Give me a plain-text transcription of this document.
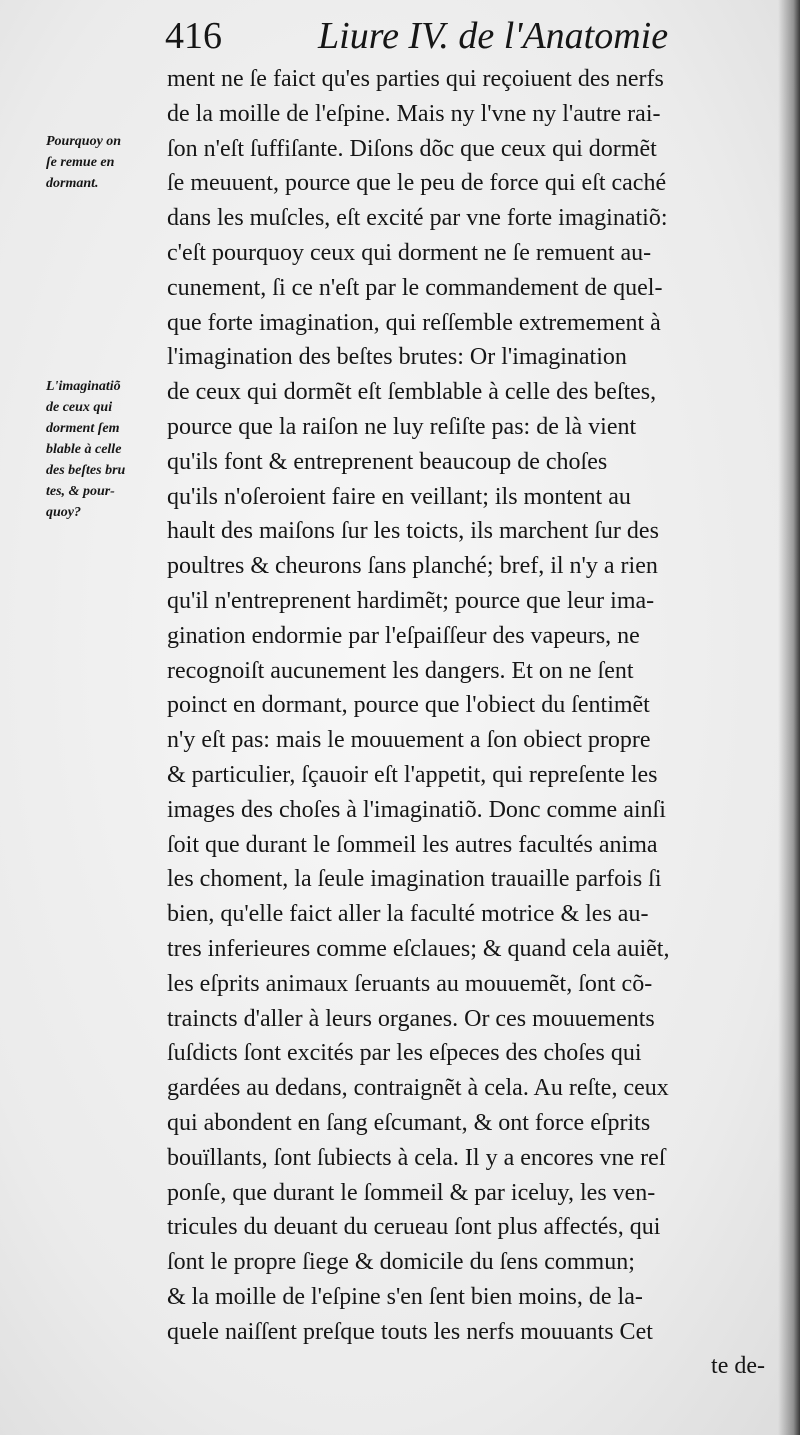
416	Liure IV. de l'Anatomie
Pourquoy on
ſe remue en
dormant.
L'imaginatiõ
de ceux qui
dorment ſem
blable à celle
des beſtes bru
tes, & pour-
quoy?
ment ne ſe faict qu'es parties qui reçoiuent des nerfs
de la moille de l'eſpine. Mais ny l'vne ny l'autre rai-
ſon n'eſt ſuffiſante. Diſons dõc que ceux qui dormẽt
ſe meuuent, pource que le peu de force qui eſt caché
dans les muſcles, eſt excité par vne forte imaginatiõ:
c'eſt pourquoy ceux qui dorment ne ſe remuent au-
cunement, ſi ce n'eſt par le commandement de quel-
que forte imagination, qui reſſemble extremement à
l'imagination des beſtes brutes: Or l'imagination
de ceux qui dormẽt eſt ſemblable à celle des beſtes,
pource que la raiſon ne luy reſiſte pas: de là vient
qu'ils font & entreprenent beaucoup de choſes
qu'ils n'oſeroient faire en veillant; ils montent au
hault des maiſons ſur les toicts, ils marchent ſur des
poultres & cheurons ſans planché; bref, il n'y a rien
qu'il n'entreprenent hardimẽt; pource que leur ima-
gination endormie par l'eſpaiſſeur des vapeurs, ne
recognoiſt aucunement les dangers. Et on ne ſent
poinct en dormant, pource que l'obiect du ſentimẽt
n'y eſt pas: mais le mouuement a ſon obiect propre
& particulier, ſçauoir eſt l'appetit, qui repreſente les
images des choſes à l'imaginatiõ. Donc comme ainſi
ſoit que durant le ſommeil les autres facultés anima
les choment, la ſeule imagination trauaille parfois ſi
bien, qu'elle faict aller la faculté motrice & les au-
tres inferieures comme eſclaues; & quand cela auiẽt,
les eſprits animaux ſeruants au mouuemẽt, ſont cõ-
traincts d'aller à leurs organes. Or ces mouuements
ſuſdicts ſont excités par les eſpeces des choſes qui
gardées au dedans, contraignẽt à cela. Au reſte, ceux
qui abondent en ſang eſcumant, & ont force eſprits
bouïllants, ſont ſubiects à cela. Il y a encores vne reſ
ponſe, que durant le ſommeil & par iceluy, les ven-
tricules du deuant du cerueau ſont plus affectés, qui
ſont le propre ſiege & domicile du ſens commun;
& la moille de l'eſpine s'en ſent bien moins, de la-
quele naiſſent preſque touts les nerfs mouuants Cet
te de-
